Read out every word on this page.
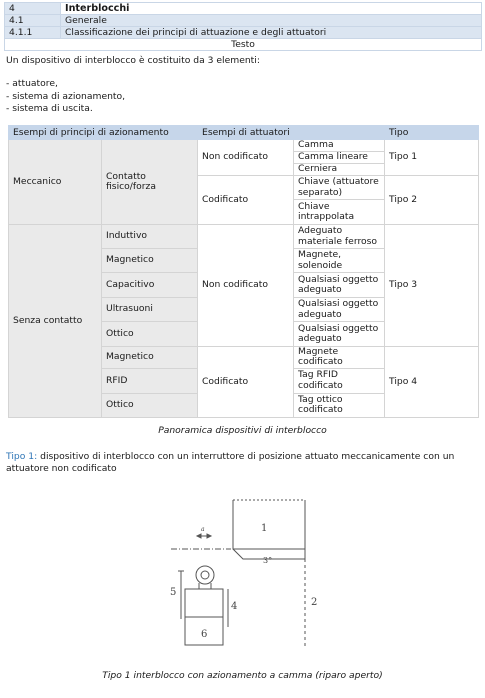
4	Interblocchi
4.1	Generale
4.1.1	Classificazione dei principi di attuazione e degli attuatori
Testo	

Un dispositivo di interblocco è costituito da 3 elementi:

- attuatore,

- sistema di azionamento,

- sistema di uscita.

Esempi di principi di azionamento		Esempi di attuatori		Tipo
Meccanico	Contatto fisico/forza	Non codificato	Camma	Tipo 1
			Camma lineare	
			Cerniera	
		Codificato	Chiave (attuatore separato)	Tipo 2
			Chiave intrappolata	
Senza contatto	Induttivo	Non codificato	Adeguato materiale ferroso	Tipo 3
	Magnetico		Magnete, solenoide	
	Capacitivo		Qualsiasi oggetto adeguato	
	Ultrasuoni		Qualsiasi oggetto adeguato	
	Ottico		Qualsiasi oggetto adeguato	
	Magnetico	Codificato	Magnete codificato	Tipo 4
	RFID		Tag RFID codificato	
	Ottico		Tag ottico codificato	
Panoramica dispositivi di interblocco
Tipo 1: dispositivo di interblocco con un interruttore di posizione attuato meccanicamente con un attuatore non codificato
a	1
3°
5
4	2
6
Tipo 1 interblocco con azionamento a camma (riparo aperto)
